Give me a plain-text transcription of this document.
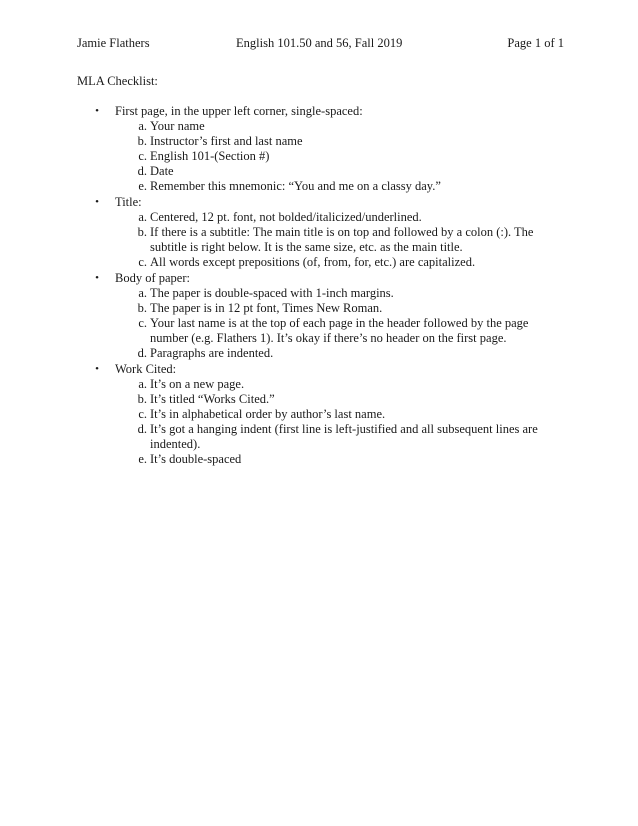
Jamie Flathers	English 101.50 and 56, Fall 2019	Page 1 of 1
MLA Checklist:
• First page, in the upper left corner, single-spaced:
a. Your name
b. Instructor’s first and last name
c. English 101-(Section #)
d. Date
e. Remember this mnemonic: “You and me on a classy day.”
• Title:
a. Centered, 12 pt. font, not bolded/italicized/underlined.
b. If there is a subtitle: The main title is on top and followed by a colon (:). The subtitle is right below. It is the same size, etc. as the main title.
c. All words except prepositions (of, from, for, etc.) are capitalized.
• Body of paper:
a. The paper is double-spaced with 1-inch margins.
b. The paper is in 12 pt font, Times New Roman.
c. Your last name is at the top of each page in the header followed by the page number (e.g. Flathers 1). It’s okay if there’s no header on the first page.
d. Paragraphs are indented.
• Work Cited:
a. It’s on a new page.
b. It’s titled “Works Cited.”
c. It’s in alphabetical order by author’s last name.
d. It’s got a hanging indent (first line is left-justified and all subsequent lines are indented).
e. It’s double-spaced
